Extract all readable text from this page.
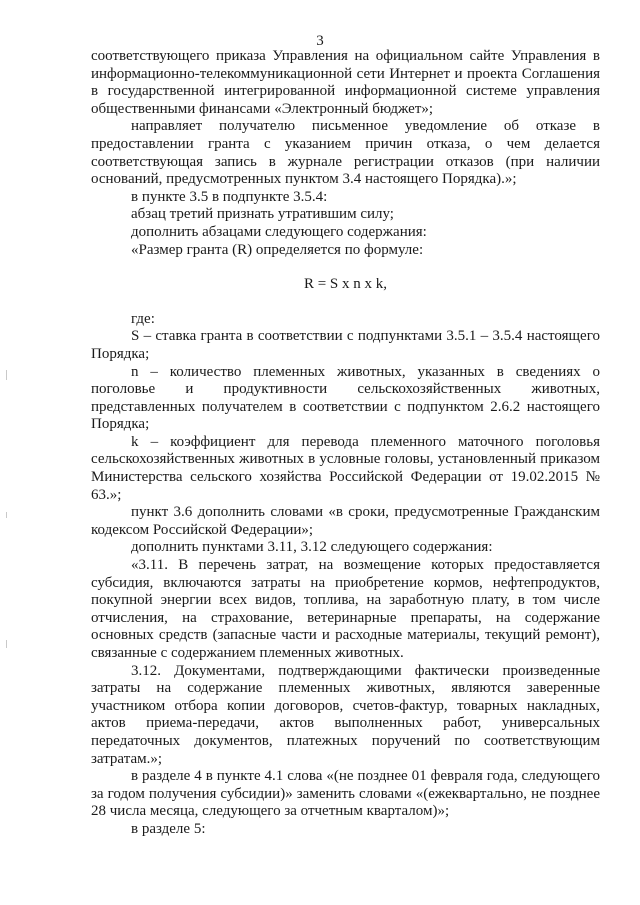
3

соответствующего приказа Управления на официальном сайте Управления в информационно-телекоммуникационной сети Интернет и проекта Соглашения в государственной интегрированной информационной системе управления общественными финансами «Электронный бюджет»;

направляет получателю письменное уведомление об отказе в предоставлении гранта с указанием причин отказа, о чем делается соответствующая запись в журнале регистрации отказов (при наличии оснований, предусмотренных пунктом 3.4 настоящего Порядка).»;

в пункте 3.5 в подпункте 3.5.4:

абзац третий признать утратившим силу;

дополнить абзацами следующего содержания:

«Размер гранта (R) определяется по формуле:

R = S x n x k,

где:

S – ставка гранта в соответствии с подпунктами 3.5.1 – 3.5.4 настоящего Порядка;

n – количество племенных животных, указанных в сведениях о поголовье и продуктивности сельскохозяйственных животных, представленных получателем в соответствии с подпунктом 2.6.2 настоящего Порядка;

k – коэффициент для перевода племенного маточного поголовья сельскохозяйственных животных в условные головы, установленный приказом Министерства сельского хозяйства Российской Федерации от 19.02.2015 № 63.»;

пункт 3.6 дополнить словами «в сроки, предусмотренные Гражданским кодексом Российской Федерации»;

дополнить пунктами 3.11, 3.12 следующего содержания:

«3.11. В перечень затрат, на возмещение которых предоставляется субсидия, включаются затраты на приобретение кормов, нефтепродуктов, покупной энергии всех видов, топлива, на заработную плату, в том числе отчисления, на страхование, ветеринарные препараты, на содержание основных средств (запасные части и расходные материалы, текущий ремонт), связанные с содержанием племенных животных.

3.12. Документами, подтверждающими фактически произведенные затраты на содержание племенных животных, являются заверенные участником отбора копии договоров, счетов-фактур, товарных накладных, актов приема-передачи, актов выполненных работ, универсальных передаточных документов, платежных поручений по соответствующим затратам.»;

в разделе 4 в пункте 4.1 слова «(не позднее 01 февраля года, следующего за годом получения субсидии)» заменить словами «(ежеквартально, не позднее 28 числа месяца, следующего за отчетным кварталом)»;

в разделе 5:
